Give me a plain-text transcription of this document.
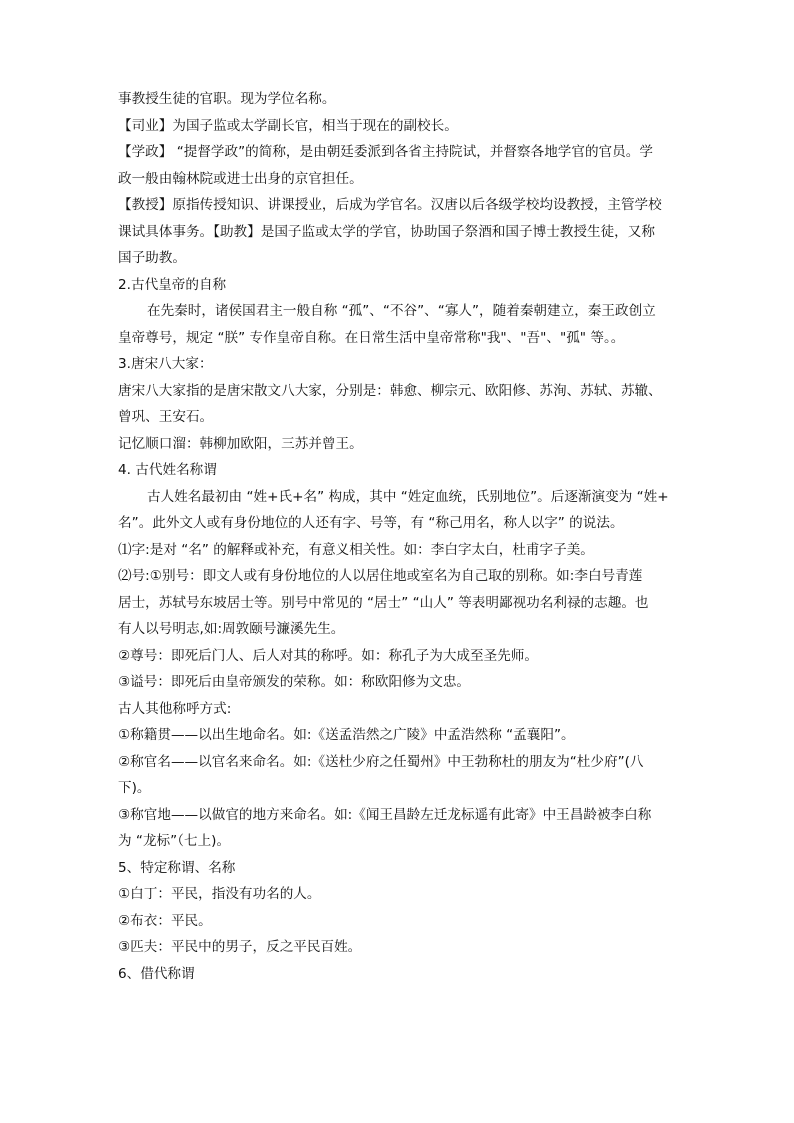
事教授生徒的官职。现为学位名称。

【司业】为国子监或太学副长官，相当于现在的副校长。

【学政】 “提督学政”的简称，是由朝廷委派到各省主持院试，并督察各地学官的官员。学

政一般由翰林院或进士出身的京官担任。

【教授】原指传授知识、讲课授业，后成为学官名。汉唐以后各级学校均设教授，主管学校

课试具体事务。【助教】是国子监或太学的学官，协助国子祭酒和国子博士教授生徒，又称

国子助教。

2.古代皇帝的自称

在先秦时，诸侯国君主一般自称 “孤”、“不谷”、“寡人”，随着秦朝建立，秦王政创立

皇帝尊号，规定 “朕” 专作皇帝自称。在日常生活中皇帝常称"我"、"吾"、"孤" 等。。

3.唐宋八大家：

唐宋八大家指的是唐宋散文八大家，分别是：韩愈、柳宗元、欧阳修、苏洵、苏轼、苏辙、

曾巩、王安石。

记忆顺口溜：韩柳加欧阳，三苏并曾王。

4. 古代姓名称谓

古人姓名最初由 “姓+氏+名” 构成，其中 “姓定血统，氏别地位”。后逐渐演变为 “姓+

名”。此外文人或有身份地位的人还有字、号等，有 “称己用名，称人以字” 的说法。

⑴字:是对 “名” 的解释或补充，有意义相关性。如：李白字太白，杜甫字子美。

⑵号:①别号：即文人或有身份地位的人以居住地或室名为自己取的别称。如:李白号青莲

居士，苏轼号东坡居士等。别号中常见的 “居士” “山人” 等表明鄙视功名利禄的志趣。也

有人以号明志,如:周敦颐号濂溪先生。

②尊号：即死后门人、后人对其的称呼。如：称孔子为大成至圣先师。

③谥号：即死后由皇帝颁发的荣称。如：称欧阳修为文忠。

古人其他称呼方式:

①称籍贯——以出生地命名。如:《送孟浩然之广陵》中孟浩然称 “孟襄阳”。

②称官名——以官名来命名。如:《送杜少府之任蜀州》中王勃称杜的朋友为“杜少府”(八

下)。

③称官地——以做官的地方来命名。如:《闻王昌龄左迁龙标遥有此寄》中王昌龄被李白称

为 “龙标”（七上)。

5、特定称谓、名称

①白丁：平民，指没有功名的人。

②布衣：平民。

③匹夫：平民中的男子，反之平民百姓。

6、借代称谓
